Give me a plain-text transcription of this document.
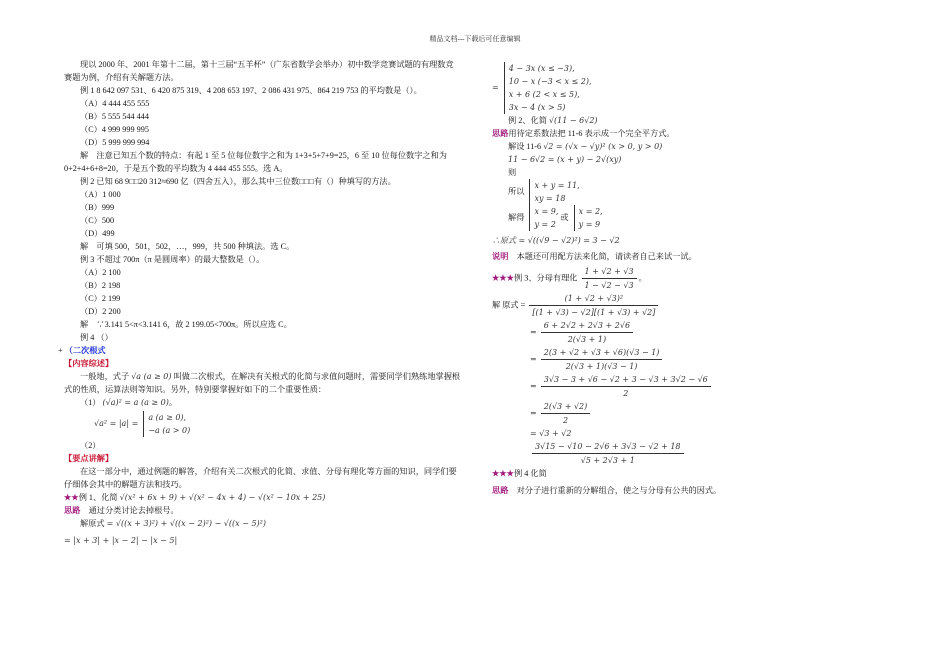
精品文档---下载后可任意编辑

现以 2000 年、2001 年第十二届，第十三届“五羊杯”（广东省数学会举办）初中数学竞赛试题的有理数竞

赛题为例，介绍有关解题方法。

例 1 8 642 097 531、6 420 875 319、4 208 653 197、2 086 431 975、864 219 753 的平均数是（）。

（A）4 444 455 555

（B）5 555 544 444

（C）4 999 999 995

（D）5 999 999 994

解　注意已知五个数的特点：有起 1 至 5 位每位数字之和为 1+3+5+7+9=25，6 至 10 位每位数字之和为

0+2+4+6+8=20，于是五个数的平均数为 4 444 455 555。选 A。

例 2 已知 68 9□□20 312≈690 亿（四舍五入），那么其中三位数□□□有（）种填写的方法。

（A）1 000

（B）999

（C）500

（D）499

解　可填 500，501，502，…，999，共 500 种填法。选 C。

例 3 不超过 700π（π 是圆周率）的最大整数是（）。

（A）2 100

（B）2 198

（C）2 199

（D）2 200

解　∵3.141 5<π<3.141 6，故 2 199.05<700π。所以应选 C。

例 4 （）

+ （二次根式

【内容综述】

一般地，式子 √a (a ≥ 0) 叫做二次根式，在解决有关根式的化简与求值问题时，需要同学们熟练地掌握根

式的性质，运算法则等知识。另外，特别要掌握好如下的二个重要性质：

（1） (√a)² = a (a ≥ 0)。

√a² = |a| =
a (a ≥ 0),
−a (a > 0)

（2）

【要点讲解】

在这一部分中，通过例题的解答，介绍有关二次根式的化简、求值、分母有理化等方面的知识，同学们要

仔细体会其中的解题方法和技巧。

★★例 1、化简 √(x² + 6x + 9) + √(x² − 4x + 4) − √(x² − 10x + 25)

思路　 通过分类讨论去掉根号。

解原式 = √((x + 3)²) + √((x − 2)²) − √((x − 5)²)

= |x + 3| + |x − 2| − |x − 5|

=
4 − 3x (x ≤ −3),
10 − x (−3 < x ≤ 2),
x + 6 (2 < x ≤ 5),
3x − 4 (x > 5)

例 2、化简 √(11 − 6√2)

思路用待定系数法把 11-6 表示成一个完全平方式。

解设 11-6 √2 = (√x − √y)² (x > 0, y > 0)

11 − 6√2 = (x + y) − 2√(xy)

则

所以
x + y = 11,
xy = 18
解得
x = 9,
y = 2
或
x = 2,
y = 9

∴原式 = √((√9 − √2)²) = 3 − √2

说明　 本题还可用配方法来化简，请读者自己来试一试。

★★★例 3、分母有理化 $\frac{1 + √2 + √3}{1 - √2 - √3}$ 。
解 原式 = $\frac{\text{(1 + √2 + √3)²}}{[(1 + √3) - √2][(1 + √3) + √2]}$
= $\frac{6 + 2√2 + 2√3 + 2√6}{2(√3 + 1)}$
= $\frac{2(3 + √2 + √3 + √6)(√3 - 1)}{2(√3 + 1)(√3 - 1)}$
= $\frac{3√3 - 3 + √6 - √2 + 3 - √3 + 3√2 - √6}{2}$
= $\frac{2(√3 + √2)}{2}$

= √3 + √2

$\frac{3√15 - √10 - 2√6 + 3√3 - √2 + 18}{√5 + 2√3 + 1}$

★★★例 4 化简

思路　 对分子进行重新的分解组合，使之与分母有公共的因式。
